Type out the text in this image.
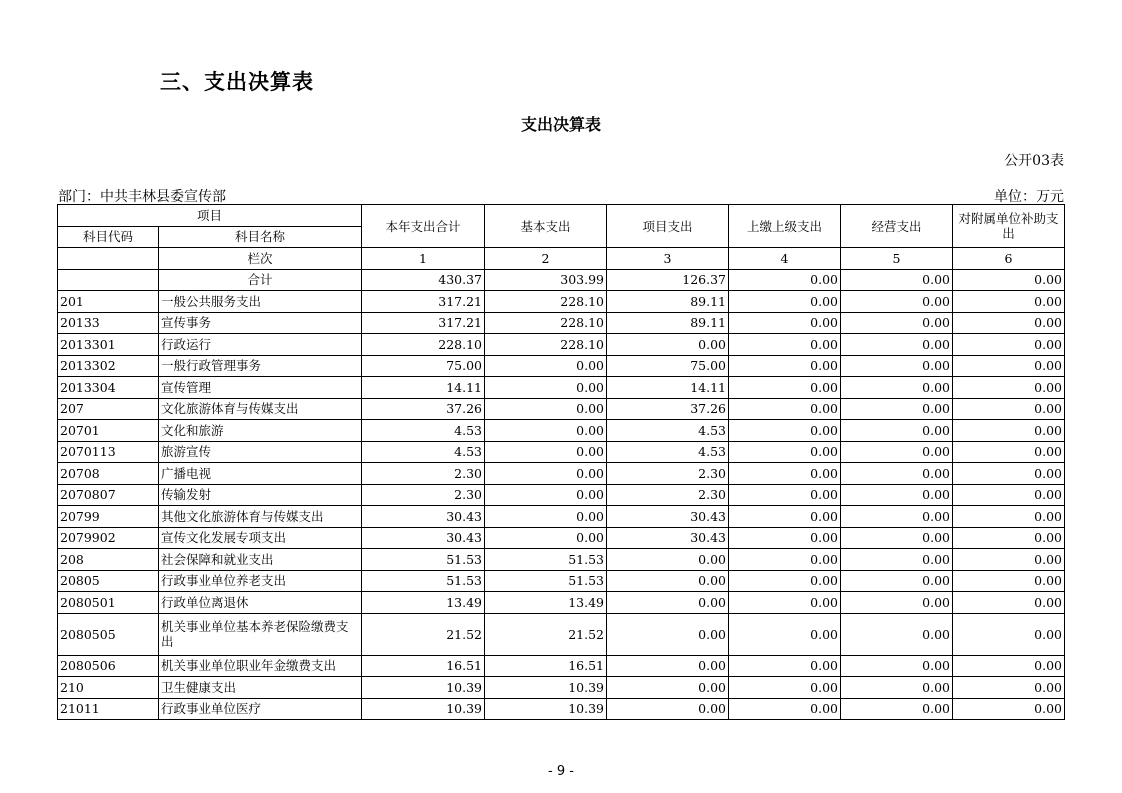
三、支出决算表
支出决算表
公开03表
部门：中共丰林县委宣传部	单位：万元
项目		本年支出合计	基本支出	项目支出	上缴上级支出	经营支出	对附属单位补助支出
科目代码	科目名称						
	栏次	1	2	3	4	5	6
	合计	430.37	303.99	126.37	0.00	0.00	0.00
201	一般公共服务支出	317.21	228.10	89.11	0.00	0.00	0.00
20133	宣传事务	317.21	228.10	89.11	0.00	0.00	0.00
2013301	行政运行	228.10	228.10	0.00	0.00	0.00	0.00
2013302	一般行政管理事务	75.00	0.00	75.00	0.00	0.00	0.00
2013304	宣传管理	14.11	0.00	14.11	0.00	0.00	0.00
207	文化旅游体育与传媒支出	37.26	0.00	37.26	0.00	0.00	0.00
20701	文化和旅游	4.53	0.00	4.53	0.00	0.00	0.00
2070113	旅游宣传	4.53	0.00	4.53	0.00	0.00	0.00
20708	广播电视	2.30	0.00	2.30	0.00	0.00	0.00
2070807	传输发射	2.30	0.00	2.30	0.00	0.00	0.00
20799	其他文化旅游体育与传媒支出	30.43	0.00	30.43	0.00	0.00	0.00
2079902	宣传文化发展专项支出	30.43	0.00	30.43	0.00	0.00	0.00
208	社会保障和就业支出	51.53	51.53	0.00	0.00	0.00	0.00
20805	行政事业单位养老支出	51.53	51.53	0.00	0.00	0.00	0.00
2080501	行政单位离退休	13.49	13.49	0.00	0.00	0.00	0.00
2080505	机关事业单位基本养老保险缴费支出	21.52	21.52	0.00	0.00	0.00	0.00
2080506	机关事业单位职业年金缴费支出	16.51	16.51	0.00	0.00	0.00	0.00
210	卫生健康支出	10.39	10.39	0.00	0.00	0.00	0.00
21011	行政事业单位医疗	10.39	10.39	0.00	0.00	0.00	0.00
- 9 -
